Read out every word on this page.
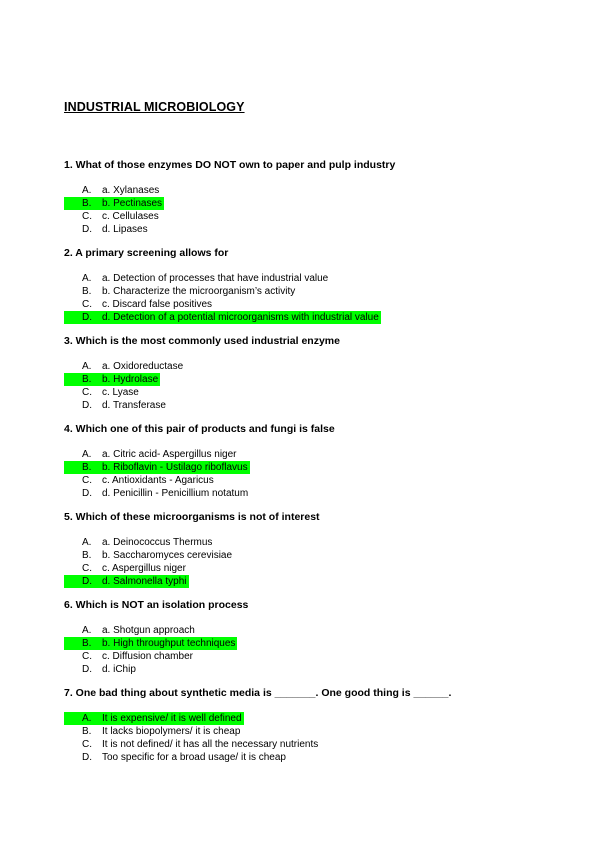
INDUSTRIAL MICROBIOLOGY
1. What of those enzymes DO NOT own to paper and pulp industry
A. a. Xylanases
B. b. Pectinases
C. c. Cellulases
D. d. Lipases
2. A primary screening allows for
A. a. Detection of processes that have industrial value
B. b. Characterize the microorganism’s activity
C. c. Discard false positives
D. d. Detection of a potential microorganisms with industrial value
3. Which is the most commonly used industrial enzyme
A. a. Oxidoreductase
B. b. Hydrolase
C. c. Lyase
D. d. Transferase
4. Which one of this pair of products and fungi is false
A. a. Citric acid- Aspergillus niger
B. b. Riboflavin - Ustilago riboflavus
C. c. Antioxidants - Agaricus
D. d. Penicillin - Penicillium notatum
5. Which of these microorganisms is not of interest
A. a. Deinococcus Thermus
B. b. Saccharomyces cerevisiae
C. c. Aspergillus niger
D. d. Salmonella typhi
6. Which is NOT an isolation process
A. a. Shotgun approach
B. b. High throughput techniques
C. c. Diffusion chamber
D. d. iChip
7. One bad thing about synthetic media is _______. One good thing is ______.
A. It is expensive/ it is well defined
B. It lacks biopolymers/ it is cheap
C. It is not defined/ it has all the necessary nutrients
D. Too specific for a broad usage/ it is cheap
